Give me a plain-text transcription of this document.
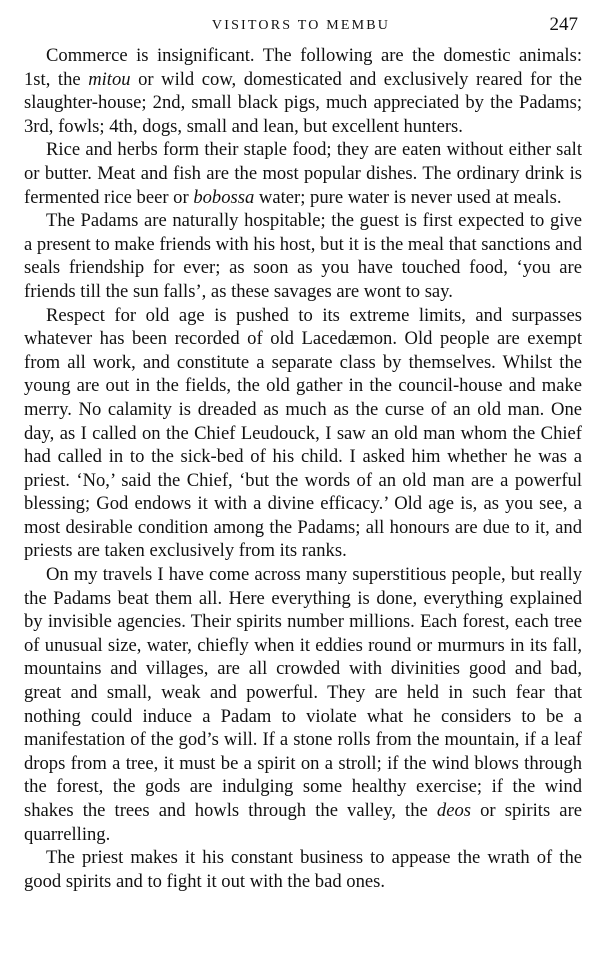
VISITORS TO MEMBU	247

Commerce is insignificant. The following are the domestic animals: 1st, the mitou or wild cow, domesticated and exclusively reared for the slaughter-house; 2nd, small black pigs, much appreciated by the Padams; 3rd, fowls; 4th, dogs, small and lean, but excellent hunters.

Rice and herbs form their staple food; they are eaten without either salt or butter. Meat and fish are the most popular dishes. The ordinary drink is fermented rice beer or bobossa water; pure water is never used at meals.

The Padams are naturally hospitable; the guest is first expected to give a present to make friends with his host, but it is the meal that sanctions and seals friendship for ever; as soon as you have touched food, ‘you are friends till the sun falls’, as these savages are wont to say.

Respect for old age is pushed to its extreme limits, and surpasses whatever has been recorded of old Lacedæmon. Old people are exempt from all work, and constitute a separate class by themselves. Whilst the young are out in the fields, the old gather in the council-house and make merry. No calamity is dreaded as much as the curse of an old man. One day, as I called on the Chief Leudouck, I saw an old man whom the Chief had called in to the sick-bed of his child. I asked him whether he was a priest. ‘No,’ said the Chief, ‘but the words of an old man are a powerful blessing; God endows it with a divine efficacy.’ Old age is, as you see, a most desirable condition among the Padams; all honours are due to it, and priests are taken exclusively from its ranks.

On my travels I have come across many superstitious people, but really the Padams beat them all. Here everything is done, everything explained by invisible agencies. Their spirits number millions. Each forest, each tree of unusual size, water, chiefly when it eddies round or murmurs in its fall, mountains and villages, are all crowded with divinities good and bad, great and small, weak and powerful. They are held in such fear that nothing could induce a Padam to violate what he considers to be a manifestation of the god’s will. If a stone rolls from the mountain, if a leaf drops from a tree, it must be a spirit on a stroll; if the wind blows through the forest, the gods are indulging some healthy exercise; if the wind shakes the trees and howls through the valley, the deos or spirits are quarrelling.

The priest makes it his constant business to appease the wrath of the good spirits and to fight it out with the bad ones.
